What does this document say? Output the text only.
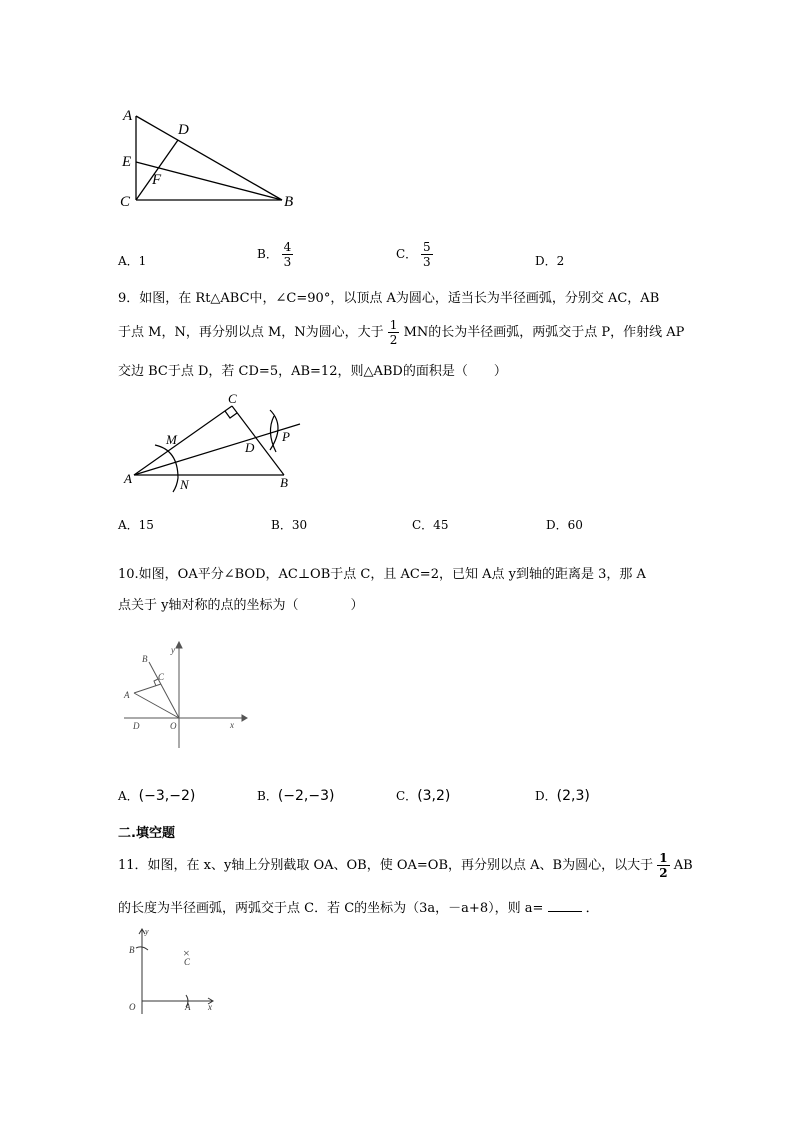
A
D
E
F
C	B
A．1	B． $\frac{4}{3}$	C． $\frac{5}{3}$	D．2
9．如图，在 Rt△ABC中，∠C=90°，以顶点 A为圆心，适当长为半径画弧，分别交 AC，AB
于点 M，N，再分别以点 M，N为圆心，大于 $\frac{1}{2}$ MN的长为半径画弧，两弧交于点 P，作射线 AP
交边 BC于点 D，若 CD=5，AB=12，则△ABD的面积是（　　）
C
M
D
P
A	N	B
A．15	B．30	C．45	D．60
10.如图，OA平分∠BOD，AC⊥OB于点 C，且 AC=2，已知 A点 y到轴的距离是 3，那 A
点关于 y轴对称的点的坐标为（　　　　）
B
C
A
D	O
y
x
A．(−3,−2)	B．(−2,−3)	C．(3,2)	D．(2,3)
二.填空题
11．如图，在 x、y轴上分别截取 OA、OB，使 OA=OB，再分别以点 A、B为圆心，以大于 $\frac{1}{2}$ AB
的长度为半径画弧，两弧交于点 C．若 C的坐标为（3a，－a+8），则 a=	．
y
B	×
C
O	A x
